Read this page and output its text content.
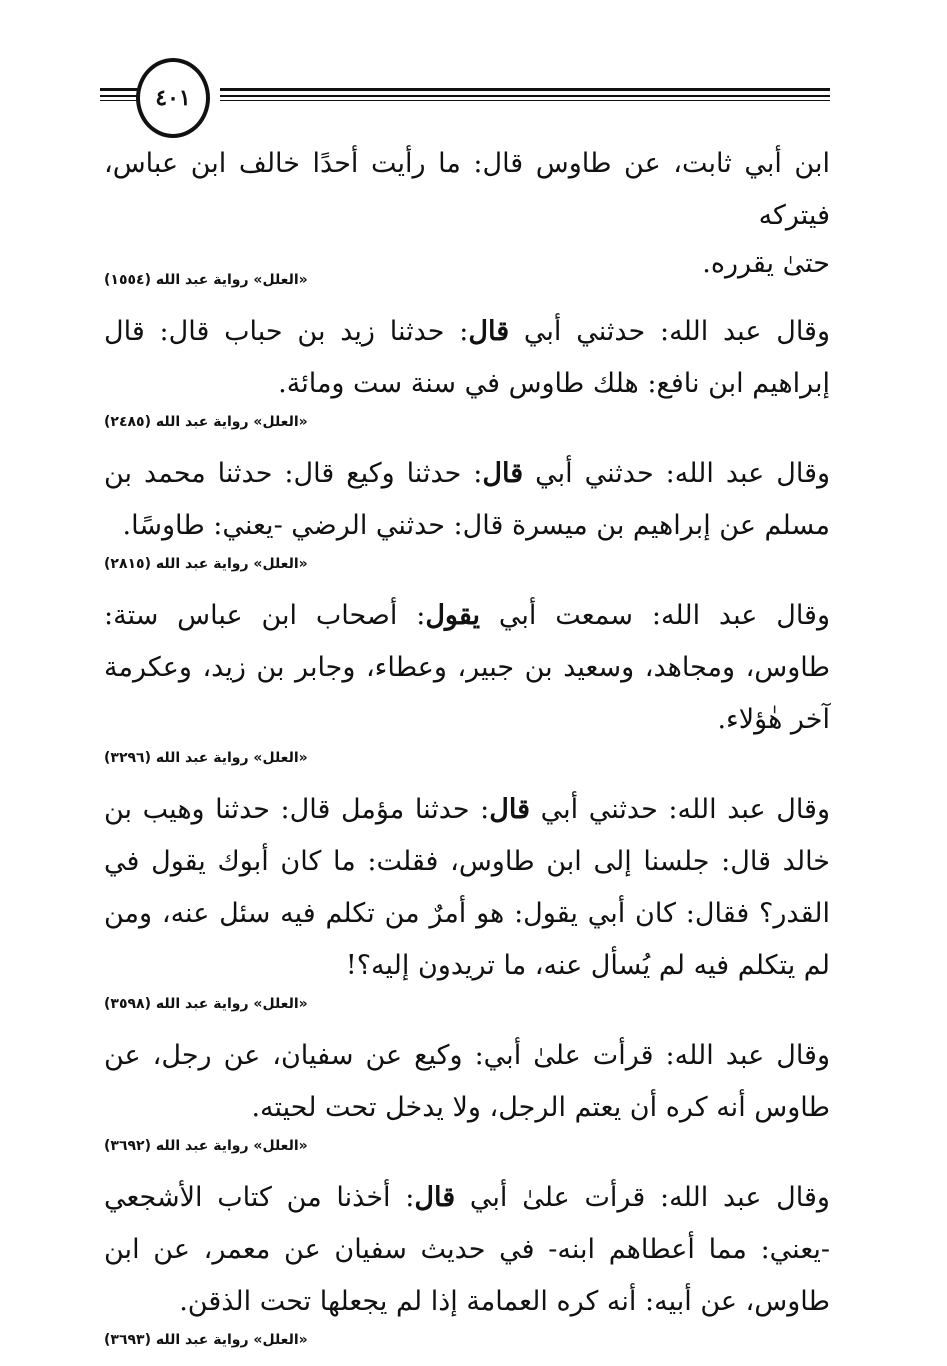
٤٠١

ابن أبي ثابت، عن طاوس قال: ما رأيت أحدًا خالف ابن عباس، فيتركه

حتىٰ يقرره.
«العلل» رواية عبد الله (١٥٥٤)

وقال عبد الله: حدثني أبي قال: حدثنا زيد بن حباب قال: قال إبراهيم ابن نافع: هلك طاوس في سنة ست ومائة.

«العلل» رواية عبد الله (٢٤٨٥)

وقال عبد الله: حدثني أبي قال: حدثنا وكيع قال: حدثنا محمد بن مسلم عن إبراهيم بن ميسرة قال: حدثني الرضي -يعني: طاوسًا.

«العلل» رواية عبد الله (٢٨١٥)

وقال عبد الله: سمعت أبي يقول: أصحاب ابن عباس ستة: طاوس، ومجاهد، وسعيد بن جبير، وعطاء، وجابر بن زيد، وعكرمة آخر هٰؤلاء.

«العلل» رواية عبد الله (٣٢٩٦)

وقال عبد الله: حدثني أبي قال: حدثنا مؤمل قال: حدثنا وهيب بن خالد قال: جلسنا إلى ابن طاوس، فقلت: ما كان أبوك يقول في القدر؟ فقال: كان أبي يقول: هو أمرٌ من تكلم فيه سئل عنه، ومن لم يتكلم فيه لم يُسأل عنه، ما تريدون إليه؟!

«العلل» رواية عبد الله (٣٥٩٨)

وقال عبد الله: قرأت علىٰ أبي: وكيع عن سفيان، عن رجل، عن طاوس أنه كره أن يعتم الرجل، ولا يدخل تحت لحيته.

«العلل» رواية عبد الله (٣٦٩٢)

وقال عبد الله: قرأت علىٰ أبي قال: أخذنا من كتاب الأشجعي -يعني: مما أعطاهم ابنه- في حديث سفيان عن معمر، عن ابن طاوس، عن أبيه: أنه كره العمامة إذا لم يجعلها تحت الذقن.

«العلل» رواية عبد الله (٣٦٩٣)
